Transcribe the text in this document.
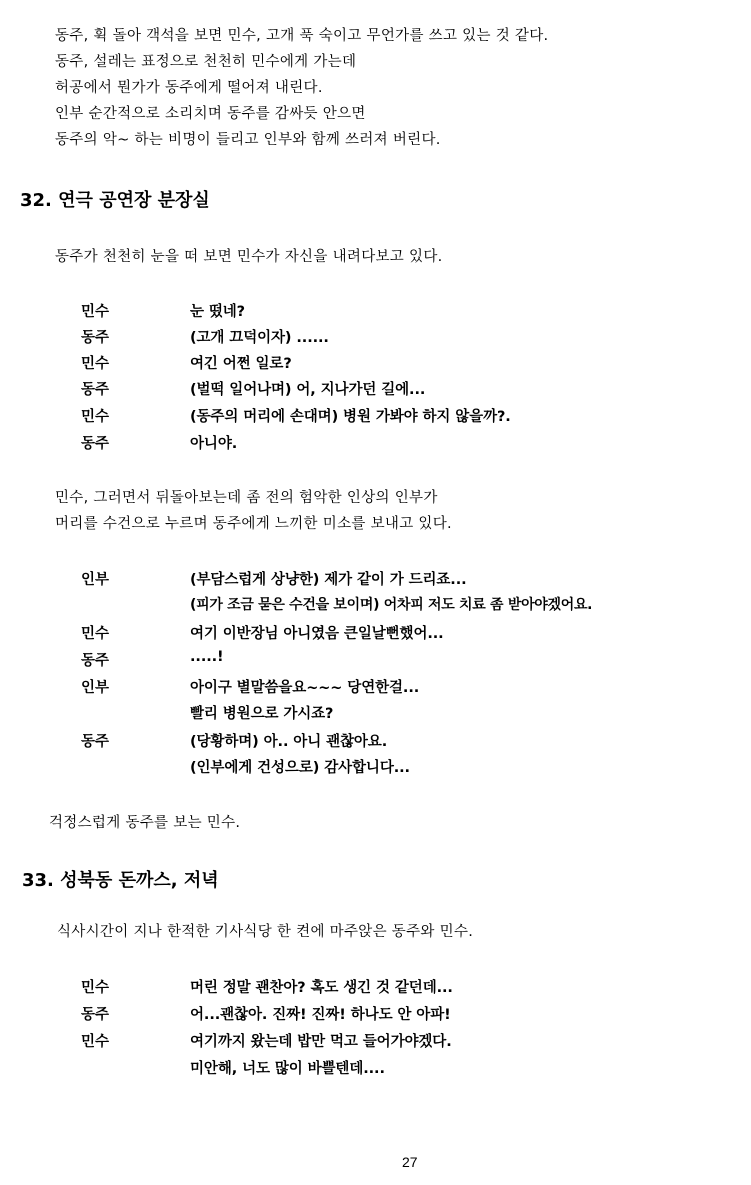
동주, 휙 돌아 객석을 보면 민수, 고개 푹 숙이고 무언가를 쓰고 있는 것 같다.
동주, 설레는 표정으로 천천히 민수에게 가는데
허공에서 뭔가가 동주에게 떨어져 내린다.
인부 순간적으로 소리치며 동주를 감싸듯 안으면
동주의 악~ 하는 비명이 들리고 인부와 함께 쓰러져 버린다.
32. 연극 공연장 분장실
동주가 천천히 눈을 떠 보면 민수가 자신을 내려다보고 있다.
민수	눈 떴네?
동주	(고개 끄덕이자) ......
민수	여긴 어쩐 일로?
동주	(벌떡 일어나며) 어, 지나가던 길에...
민수	(동주의 머리에 손대며) 병원 가봐야 하지 않을까?.
동주	아니야.
민수, 그러면서 뒤돌아보는데 좀 전의 험악한 인상의 인부가
머리를 수건으로 누르며 동주에게 느끼한 미소를 보내고 있다.
인부	(부담스럽게 상냥한) 제가 같이 가 드리죠...
(피가 조금 묻은 수건을 보이며) 어차피 저도 치료 좀 받아야겠어요.
민수	여기 이반장님 아니였음 큰일날뻔했어...
동주	.....!
인부	아이구 별말씀을요~~~ 당연한걸...
빨리 병원으로 가시죠?
동주	(당황하며) 아.. 아니 괜찮아요.
(인부에게 건성으로) 감사합니다...
걱정스럽게 동주를 보는 민수.
33. 성북동 돈까스, 저녁
식사시간이 지나 한적한 기사식당 한 켠에 마주앉은 동주와 민수.
민수	머린 정말 괜찬아? 혹도 생긴 것 같던데...
동주	어...괜찮아. 진짜! 진짜! 하나도 안 아파!
민수	여기까지 왔는데 밥만 먹고 들어가야겠다.
미안해, 너도 많이 바쁠텐데....
27
